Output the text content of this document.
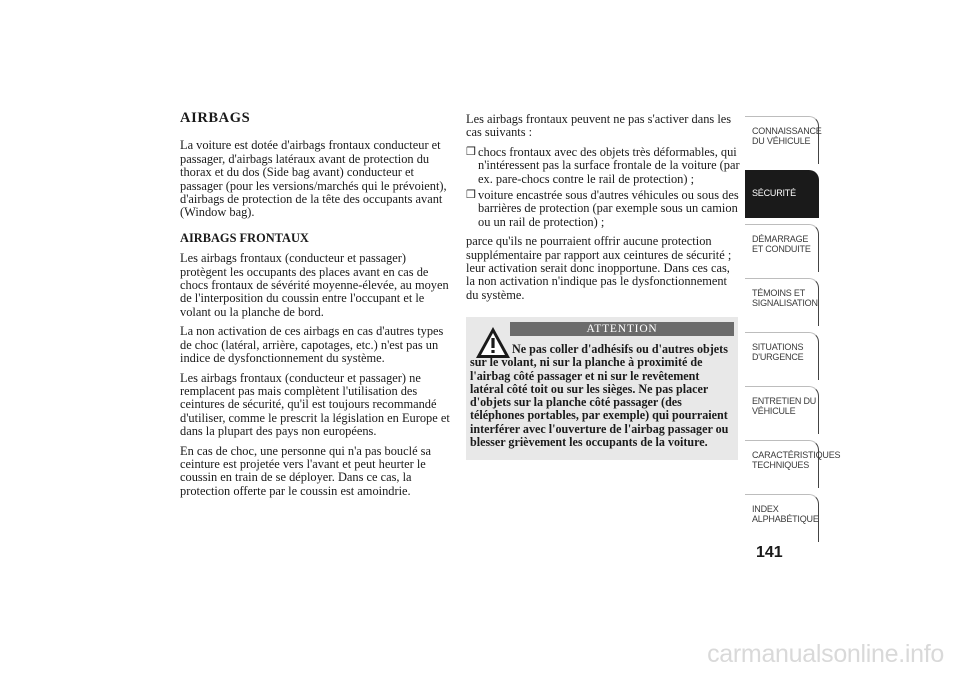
AIRBAGS

La voiture est dotée d'airbags frontaux conducteur et passager, d'airbags latéraux avant de protection du thorax et du dos (Side bag avant) conducteur et passager (pour les versions/marchés qui le prévoient), d'airbags de protection de la tête des occupants avant (Window bag).

AIRBAGS FRONTAUX

Les airbags frontaux (conducteur et passager) protègent les occupants des places avant en cas de chocs frontaux de sévérité moyenne-élevée, au moyen de l'interposition du coussin entre l'occupant et le volant ou la planche de bord.

La non activation de ces airbags en cas d'autres types de choc (latéral, arrière, capotages, etc.) n'est pas un indice de dysfonctionnement du système.

Les airbags frontaux (conducteur et passager) ne remplacent pas mais complètent l'utilisation des ceintures de sécurité, qu'il est toujours recommandé d'utiliser, comme le prescrit la législation en Europe et dans la plupart des pays non européens.

En cas de choc, une personne qui n'a pas bouclé sa ceinture est projetée vers l'avant et peut heurter le coussin en train de se déployer. Dans ce cas, la protection offerte par le coussin est amoindrie.

Les airbags frontaux peuvent ne pas s'activer dans les cas suivants :

❒ chocs frontaux avec des objets très déformables, qui n'intéressent pas la surface frontale de la voiture (par ex. pare-chocs contre le rail de protection) ;
❒ voiture encastrée sous d'autres véhicules ou sous des barrières de protection (par exemple sous un camion ou un rail de protection) ;

parce qu'ils ne pourraient offrir aucune protection supplémentaire par rapport aux ceintures de sécurité ; leur activation serait donc inopportune. Dans ces cas, la non activation n'indique pas le dysfonctionnement du système.

ATTENTION
Ne pas coller d'adhésifs ou d'autres objets sur le volant, ni sur la planche à proximité de l'airbag côté passager et ni sur le revêtement latéral côté toit ou sur les sièges. Ne pas placer d'objets sur la planche côté passager (des téléphones portables, par exemple) qui pourraient interférer avec l'ouverture de l'airbag passager ou blesser grièvement les occupants de la voiture.
CONNAISSANCE DU VÉHICULE
SÉCURITÉ
DÉMARRAGE ET CONDUITE
TÉMOINS ET SIGNALISATION
SITUATIONS D'URGENCE
ENTRETIEN DU VÉHICULE
CARACTÉRISTIQUES TECHNIQUES
INDEX ALPHABÉTIQUE
141
carmanualsonline.info
